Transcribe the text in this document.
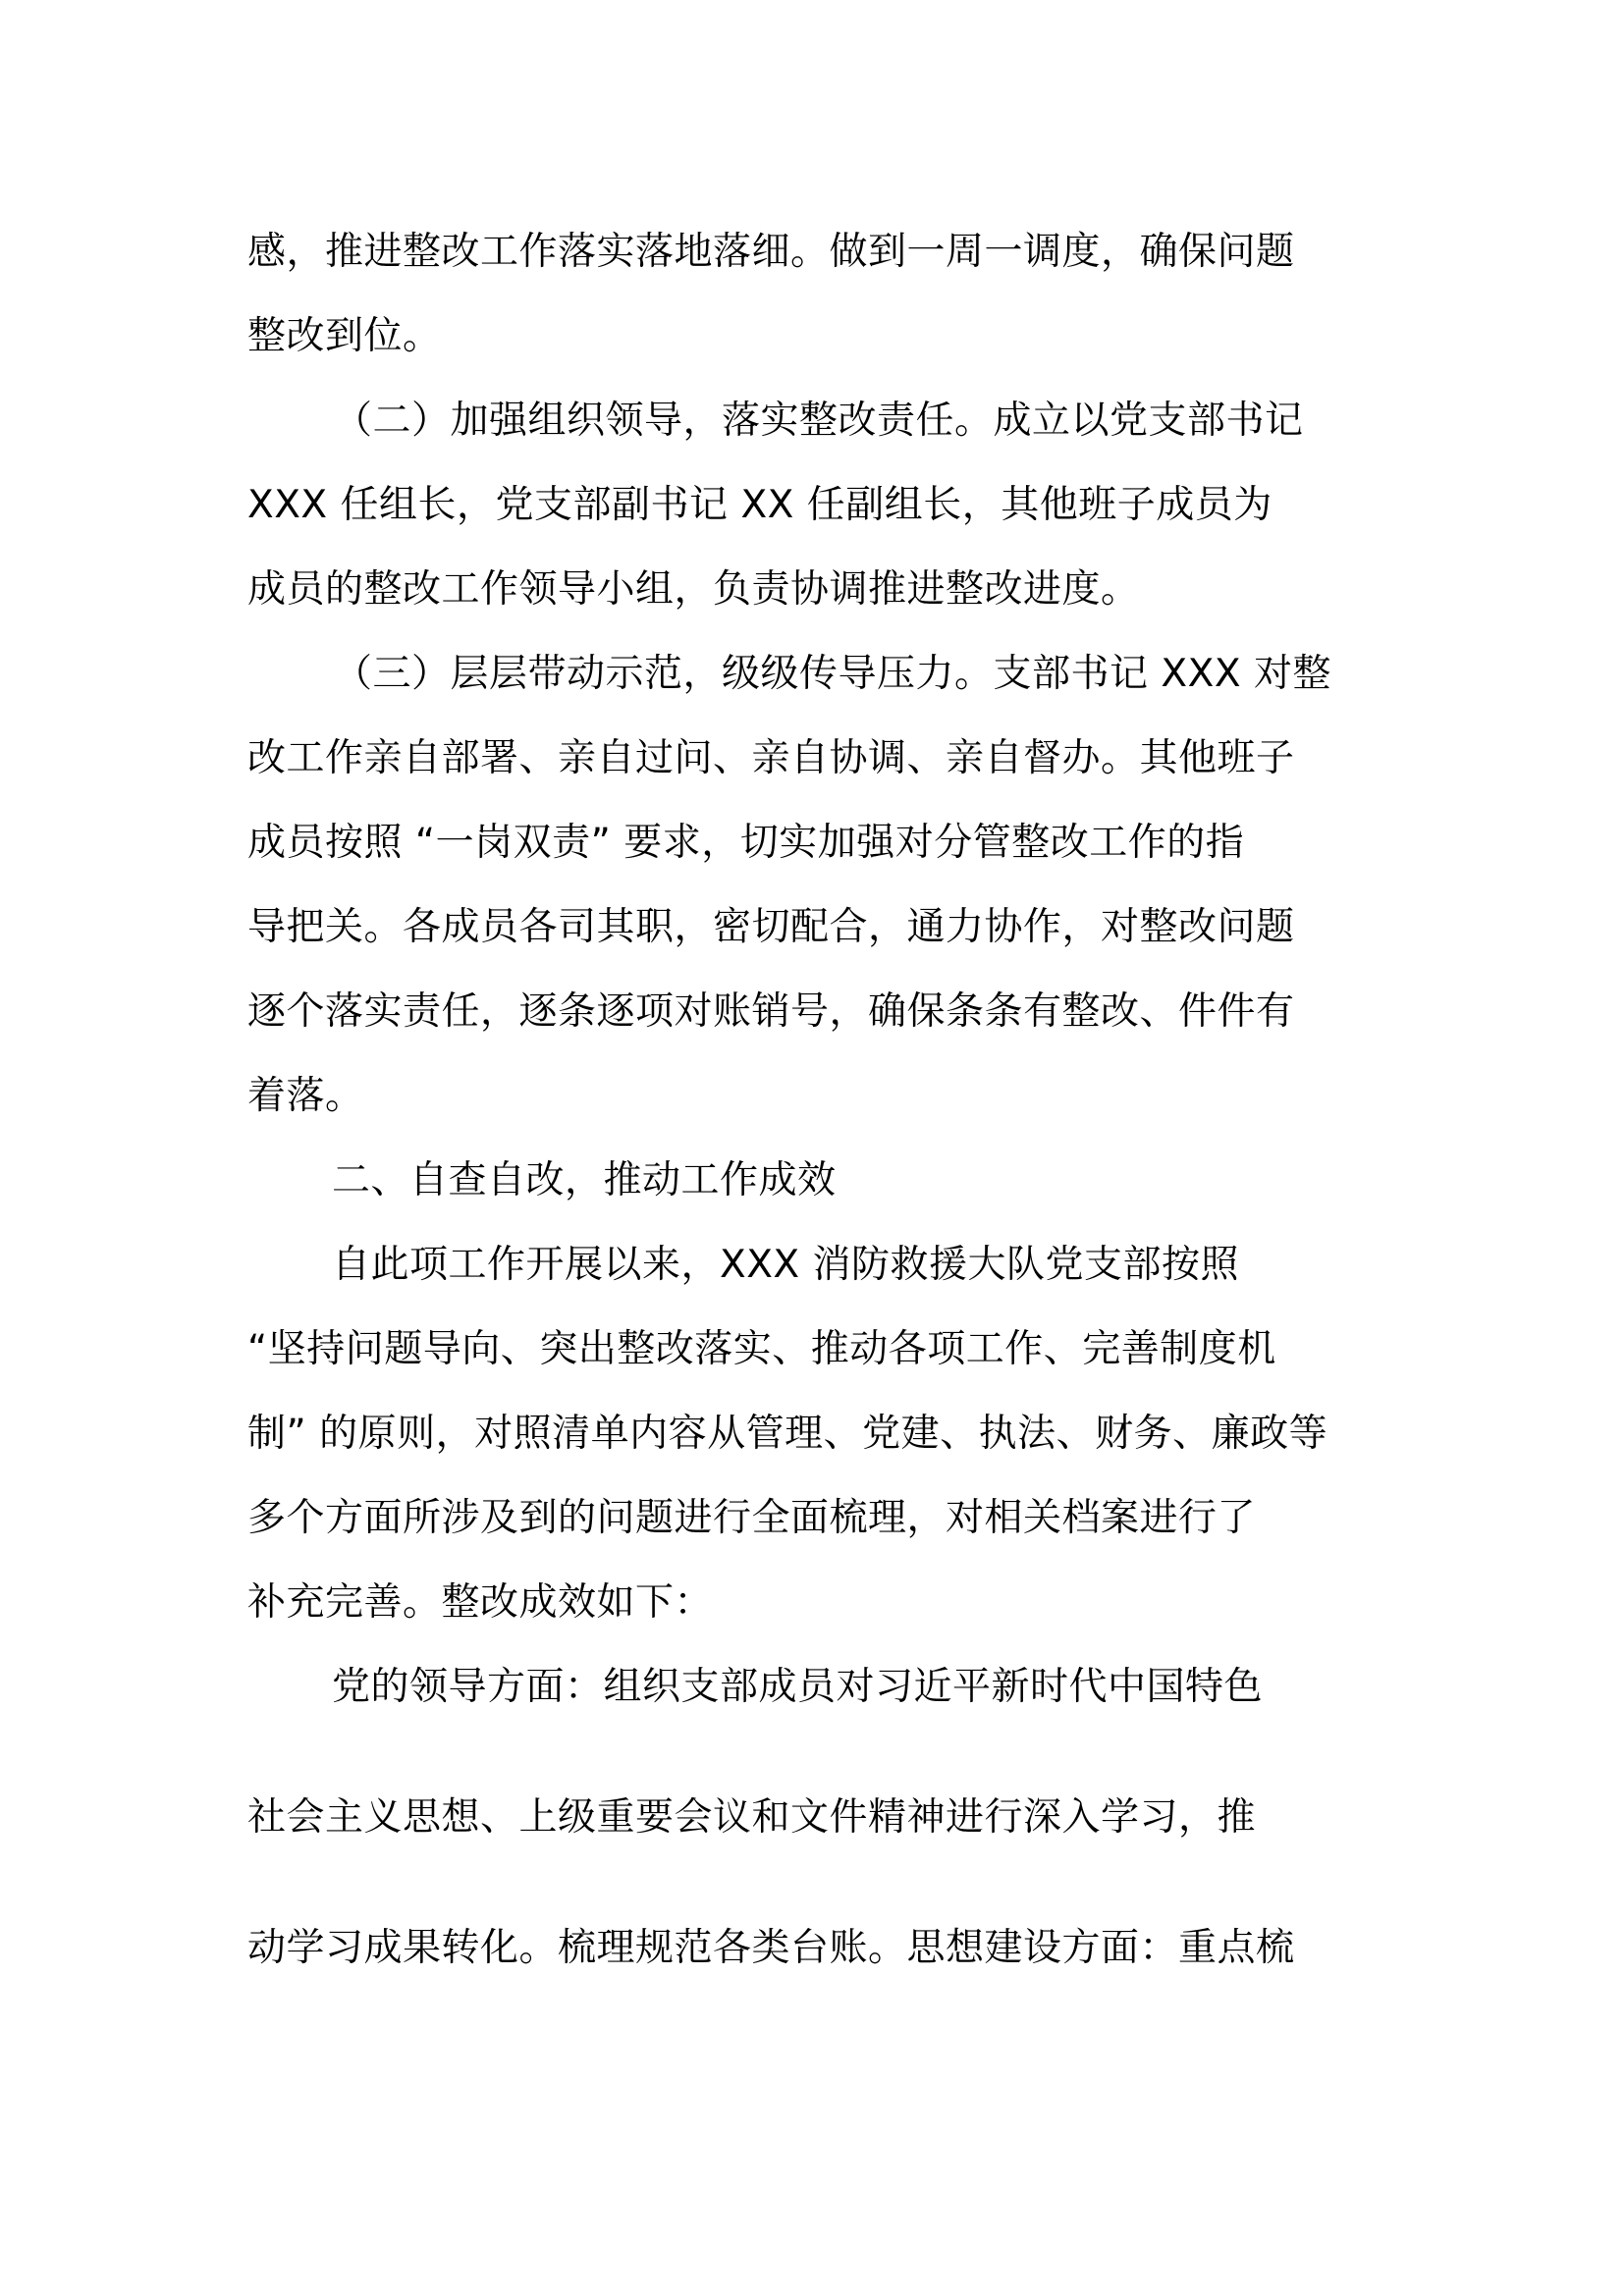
感，推进整改工作落实落地落细。做到一周一调度，确保问题
整改到位。
（二）加强组织领导，落实整改责任。成立以党支部书记
XXX 任组长，党支部副书记 XX 任副组长，其他班子成员为
成员的整改工作领导小组，负责协调推进整改进度。
（三）层层带动示范，级级传导压力。支部书记 XXX 对整
改工作亲自部署、亲自过问、亲自协调、亲自督办。其他班子
成员按照 “一岗双责” 要求，切实加强对分管整改工作的指
导把关。各成员各司其职，密切配合，通力协作，对整改问题
逐个落实责任，逐条逐项对账销号，确保条条有整改、件件有
着落。
二、自查自改，推动工作成效
自此项工作开展以来，XXX 消防救援大队党支部按照
“坚持问题导向、突出整改落实、推动各项工作、完善制度机
制” 的原则，对照清单内容从管理、党建、执法、财务、廉政等
多个方面所涉及到的问题进行全面梳理，对相关档案进行了
补充完善。整改成效如下：
党的领导方面：组织支部成员对习近平新时代中国特色
社会主义思想、上级重要会议和文件精神进行深入学习，推
动学习成果转化。梳理规范各类台账。思想建设方面：重点梳
